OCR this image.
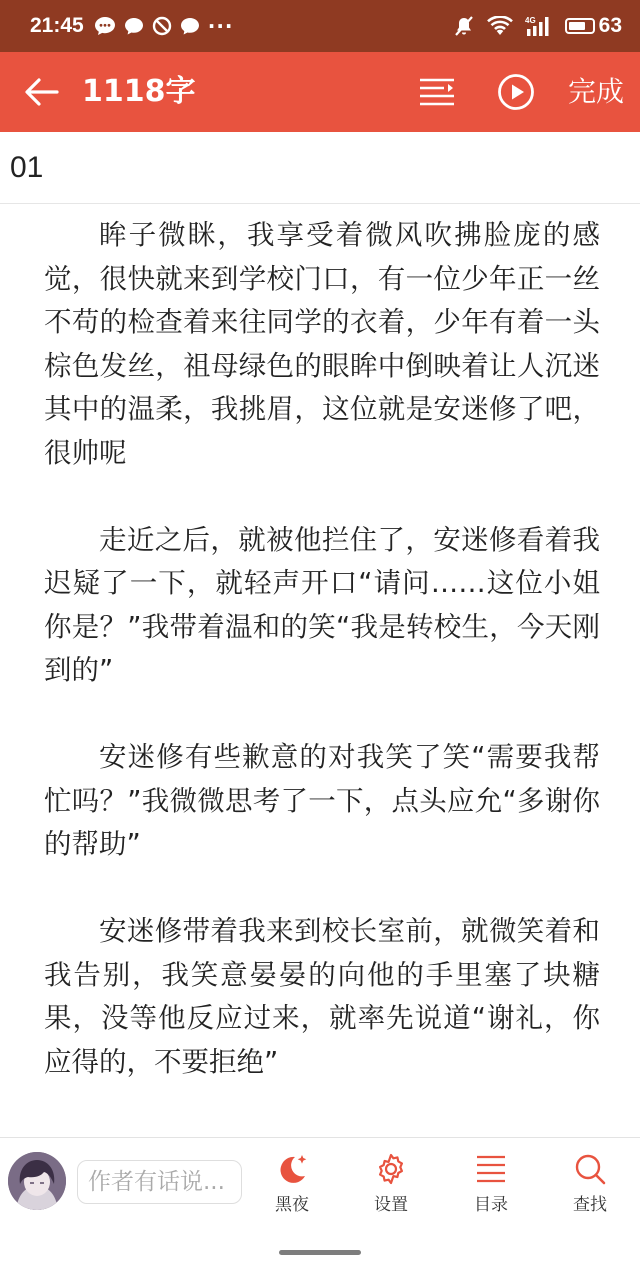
21:45	···	4G	63
1118字	完成
01

眸子微眯，我享受着微风吹拂脸庞的感觉，很快就来到学校门口，有一位少年正一丝不苟的检查着来往同学的衣着，少年有着一头棕色发丝，祖母绿色的眼眸中倒映着让人沉迷其中的温柔，我挑眉，这位就是安迷修了吧，很帅呢

走近之后，就被他拦住了，安迷修看着我迟疑了一下，就轻声开口“请问……这位小姐你是？”我带着温和的笑“我是转校生，今天刚到的”

安迷修有些歉意的对我笑了笑“需要我帮忙吗？”我微微思考了一下，点头应允“多谢你的帮助”

安迷修带着我来到校长室前，就微笑着和我告别，我笑意晏晏的向他的手里塞了块糖果，没等他反应过来，就率先说道“谢礼，你应得的，不要拒绝”

作者有话说...
黑夜	设置	目录	查找
